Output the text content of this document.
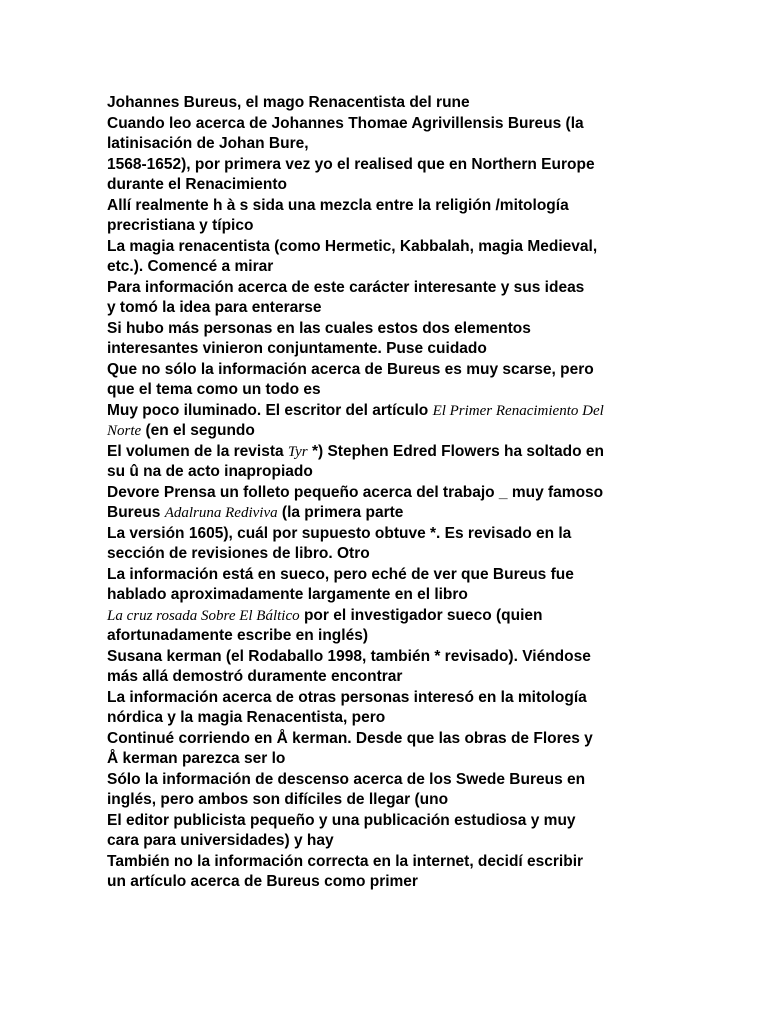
Johannes Bureus, el mago Renacentista del rune

Cuando leo acerca de Johannes Thomae Agrivillensis Bureus (la

latinisación de Johan Bure,

1568-1652), por primera vez yo el realised que en Northern Europe

durante el Renacimiento

Allí realmente h à s sida una mezcla entre la religión /mitología

precristiana y típico

La magia renacentista (como Hermetic, Kabbalah, magia Medieval,

etc.). Comencé a mirar

Para información acerca de este carácter interesante y sus ideas

y tomó la idea para enterarse

Si hubo más personas en las cuales estos dos elementos

interesantes vinieron conjuntamente. Puse cuidado

Que no sólo la información acerca de Bureus es muy scarse, pero

que el tema como un todo es

Muy poco iluminado. El escritor del artículo El Primer Renacimiento Del

Norte (en el segundo

El volumen de la revista Tyr *) Stephen Edred Flowers ha soltado en

su û na de acto inapropiado

Devore Prensa un folleto pequeño acerca del trabajo _ muy famoso

Bureus Adalruna Rediviva (la primera parte

La versión 1605), cuál por supuesto obtuve *. Es revisado en la

sección de revisiones de libro. Otro

La información está en sueco, pero eché de ver que Bureus fue

hablado aproximadamente largamente en el libro

La cruz rosada Sobre El Báltico por el investigador sueco (quien

afortunadamente escribe en inglés)

Susana kerman (el Rodaballo 1998, también * revisado). Viéndose

más allá demostró duramente encontrar

La información acerca de otras personas interesó en la mitología

nórdica y la magia Renacentista, pero

Continué corriendo en Å kerman. Desde que las obras de Flores y

Å kerman parezca ser lo

Sólo la información de descenso acerca de los Swede Bureus en

inglés, pero ambos son difíciles de llegar (uno

El editor publicista pequeño y una publicación estudiosa y muy

cara para universidades) y hay

También no la información correcta en la internet, decidí escribir

un artículo acerca de Bureus como primer
